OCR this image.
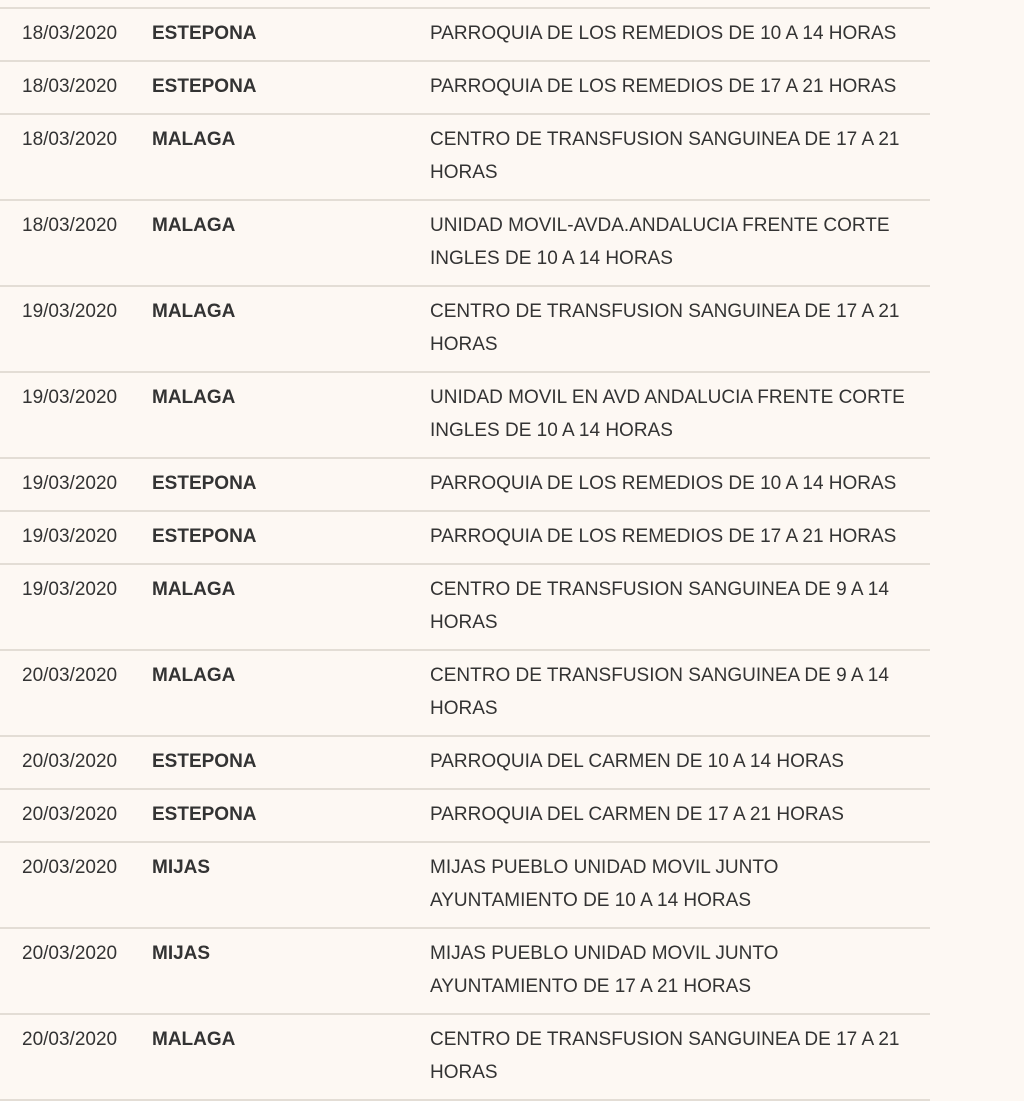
18/03/2020	ESTEPONA	PARROQUIA DE LOS REMEDIOS DE 10 A 14 HORAS
18/03/2020	ESTEPONA	PARROQUIA DE LOS REMEDIOS DE 17 A 21 HORAS
18/03/2020	MALAGA	CENTRO DE TRANSFUSION SANGUINEA DE 17 A 21 HORAS
18/03/2020	MALAGA	UNIDAD MOVIL-AVDA.ANDALUCIA FRENTE CORTE INGLES DE 10 A 14 HORAS
19/03/2020	MALAGA	CENTRO DE TRANSFUSION SANGUINEA DE 17 A 21 HORAS
19/03/2020	MALAGA	UNIDAD MOVIL EN AVD ANDALUCIA FRENTE CORTE INGLES DE 10 A 14 HORAS
19/03/2020	ESTEPONA	PARROQUIA DE LOS REMEDIOS DE 10 A 14 HORAS
19/03/2020	ESTEPONA	PARROQUIA DE LOS REMEDIOS DE 17 A 21 HORAS
19/03/2020	MALAGA	CENTRO DE TRANSFUSION SANGUINEA DE 9 A 14 HORAS
20/03/2020	MALAGA	CENTRO DE TRANSFUSION SANGUINEA DE 9 A 14 HORAS
20/03/2020	ESTEPONA	PARROQUIA DEL CARMEN DE 10 A 14 HORAS
20/03/2020	ESTEPONA	PARROQUIA DEL CARMEN DE 17 A 21 HORAS
20/03/2020	MIJAS	MIJAS PUEBLO UNIDAD MOVIL JUNTO AYUNTAMIENTO DE 10 A 14 HORAS
20/03/2020	MIJAS	MIJAS PUEBLO UNIDAD MOVIL JUNTO AYUNTAMIENTO DE 17 A 21 HORAS
20/03/2020	MALAGA	CENTRO DE TRANSFUSION SANGUINEA DE 17 A 21 HORAS
